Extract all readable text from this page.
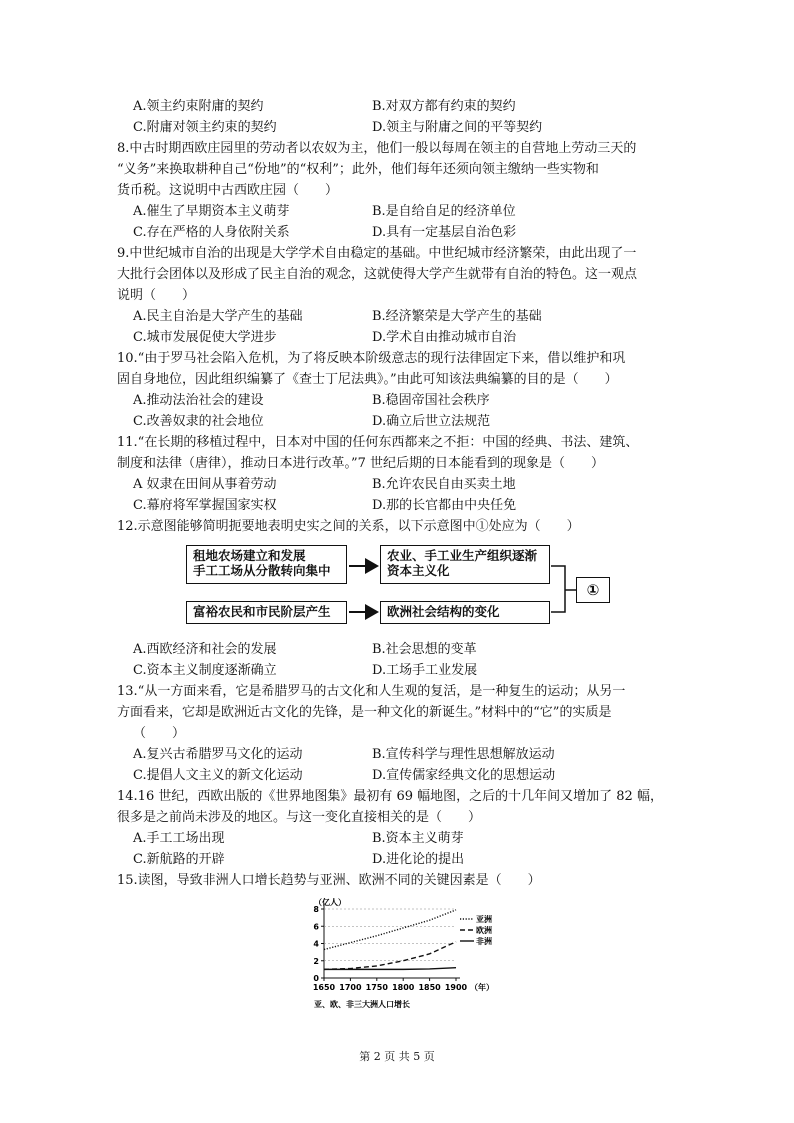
A.领主约束附庸的契约	B.对双方都有约束的契约
C.附庸对领主约束的契约	D.领主与附庸之间的平等契约
8.中古时期西欧庄园里的劳动者以农奴为主，他们一般以每周在领主的自营地上劳动三天的
“义务”来换取耕种自己“份地”的“权利”；此外，他们每年还须向领主缴纳一些实物和
货币税。这说明中古西欧庄园（　　）
A.催生了早期资本主义萌芽	B.是自给自足的经济单位
C.存在严格的人身依附关系	D.具有一定基层自治色彩
9.中世纪城市自治的出现是大学学术自由稳定的基础。中世纪城市经济繁荣，由此出现了一
大批行会团体以及形成了民主自治的观念，这就使得大学产生就带有自治的特色。这一观点
说明（　　）
A.民主自治是大学产生的基础	B.经济繁荣是大学产生的基础
C.城市发展促使大学进步	D.学术自由推动城市自治
10.“由于罗马社会陷入危机，为了将反映本阶级意志的现行法律固定下来，借以维护和巩
固自身地位，因此组织编纂了《查士丁尼法典》。”由此可知该法典编纂的目的是（　　）
A.推动法治社会的建设	B.稳固帝国社会秩序
C.改善奴隶的社会地位	D.确立后世立法规范
11.“在长期的移植过程中，日本对中国的任何东西都来之不拒：中国的经典、书法、建筑、
制度和法律（唐律），推动日本进行改革。”7 世纪后期的日本能看到的现象是（　　）
A 奴隶在田间从事着劳动	B.允许农民自由买卖土地
C.幕府将军掌握国家实权	D.那的长官都由中央任免
12.示意图能够简明扼要地表明史实之间的关系，以下示意图中①处应为（　　）
租地农场建立和发展
手工工场从分散转向集中
富裕农民和市民阶层产生
农业、手工业生产组织逐渐
资本主义化
欧洲社会结构的变化
①
A.西欧经济和社会的发展	B.社会思想的变革
C.资本主义制度逐渐确立	D.工场手工业发展
13.“从一方面来看，它是希腊罗马的古文化和人生观的复活，是一种复生的运动；从另一
方面看来，它却是欧洲近古文化的先锋，是一种文化的新诞生。”材料中的“它”的实质是
（　　）
A.复兴古希腊罗马文化的运动	B.宣传科学与理性思想解放运动
C.提倡人文主义的新文化运动	D.宣传儒家经典文化的思想运动
14.16 世纪，西欧出版的《世界地图集》最初有 69 幅地图，之后的十几年间又增加了 82 幅，
很多是之前尚未涉及的地区。与这一变化直接相关的是（　　）
A.手工工场出现	B.资本主义萌芽
C.新航路的开辟	D.进化论的提出
15.读图，导致非洲人口增长趋势与亚洲、欧洲不同的关键因素是（　　）
（亿人）
0
2
4
6
8
1650 1700 1750 1800 1850 1900
亚洲
欧洲
非洲
（年）
亚、欧、非三大洲人口增长
第 2 页 共 5 页
